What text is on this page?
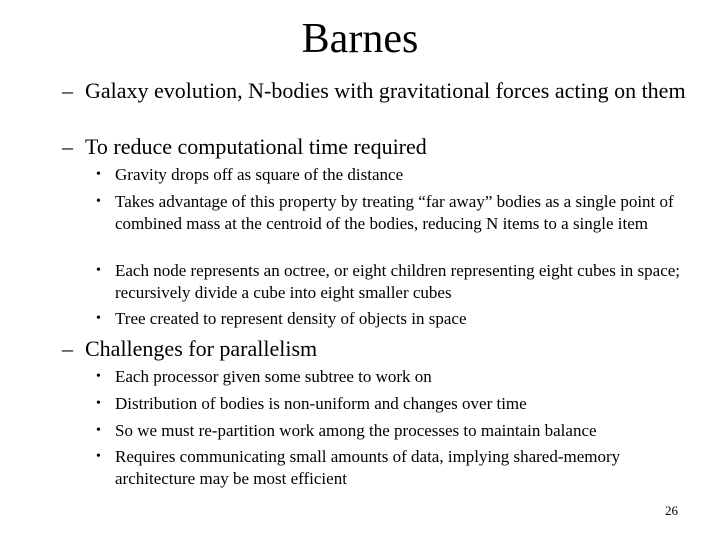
Barnes
– Galaxy evolution, N-bodies with gravitational forces acting on them
– To reduce computational time required
• Gravity drops off as square of the distance
• Takes advantage of this property by treating “far away” bodies as a single point of combined mass at the centroid of the bodies, reducing N items to a single item
• Each node represents an octree, or eight children representing eight cubes in space; recursively divide a cube into eight smaller cubes
• Tree created to represent density of objects in space
– Challenges for parallelism
• Each processor given some subtree to work on
• Distribution of bodies is non-uniform and changes over time
• So we must re-partition work among the processes to maintain balance
• Requires communicating small amounts of data, implying shared-memory architecture may be most efficient
26
